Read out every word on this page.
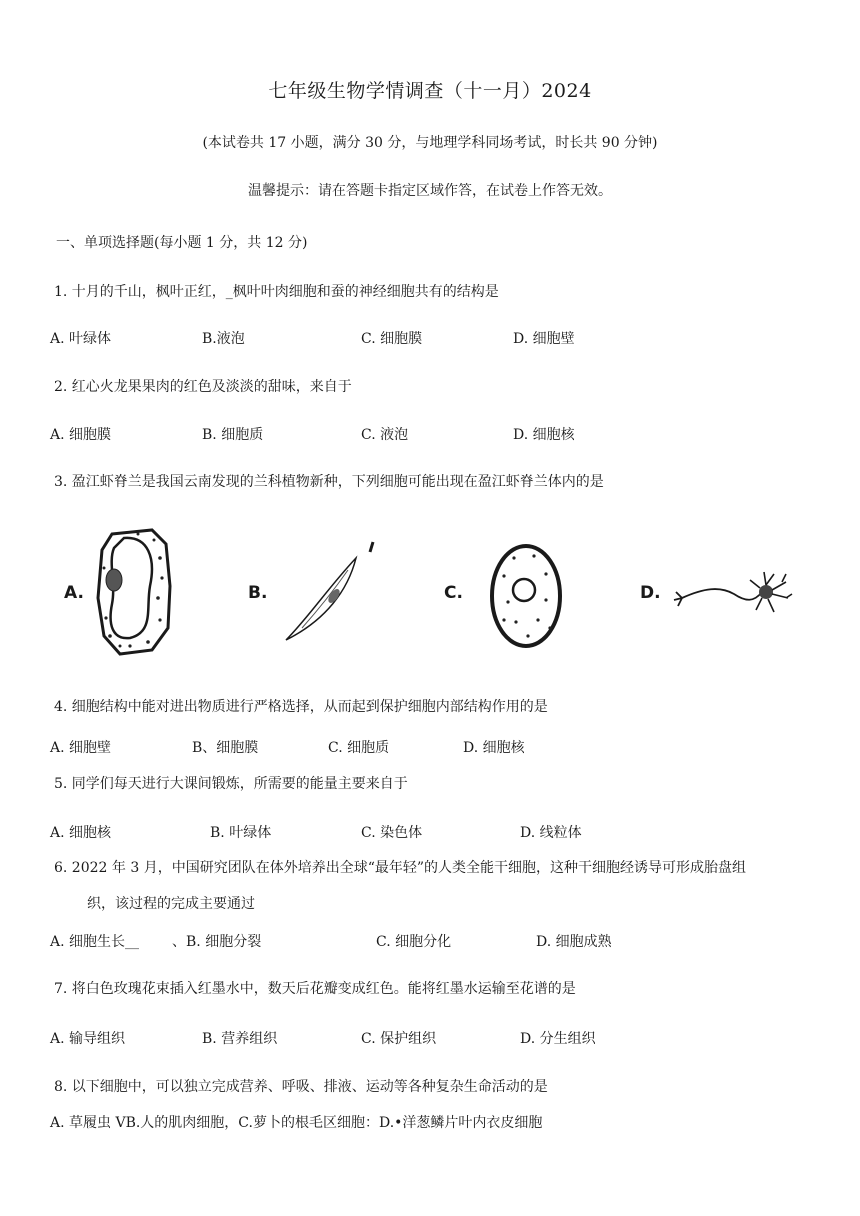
七年级生物学情调查（十一月）2024
(本试卷共 17 小题，满分 30 分，与地理学科同场考试，时长共 90 分钟)
温馨提示：请在答题卡指定区域作答，在试卷上作答无效。
一、单项选择题(每小题 1 分，共 12 分)
1. 十月的千山，枫叶正红，_枫叶叶肉细胞和蚕的神经细胞共有的结构是
A. 叶绿体	B.液泡	C. 细胞膜	D. 细胞壁
2. 红心火龙果果肉的红色及淡淡的甜味，来自于
A. 细胞膜	B. 细胞质	C. 液泡	D. 细胞核
3. 盈江虾脊兰是我国云南发现的兰科植物新种，下列细胞可能出现在盈江虾脊兰体内的是
A.	B.	C.	D.
4. 细胞结构中能对进出物质进行严格选择，从而起到保护细胞内部结构作用的是
A. 细胞壁	B、细胞膜	C. 细胞质	D. 细胞核
5. 同学们每天进行大课间锻炼，所需要的能量主要来自于
A. 细胞核	B. 叶绿体	C. 染色体	D. 线粒体
6. 2022 年 3 月，中国研究团队在体外培养出全球“最年轻”的人类全能干细胞，这种干细胞经诱导可形成胎盘组
织，该过程的完成主要通过
A. 细胞生长__ 、B. 细胞分裂	C. 细胞分化	D. 细胞成熟
7. 将白色玫瑰花束插入红墨水中，数天后花瓣变成红色。能将红墨水运输至花谱的是
A. 输导组织	B. 营养组织	C. 保护组织	D. 分生组织
8. 以下细胞中，可以独立完成营养、呼吸、排液、运动等各种复杂生命活动的是
A. 草履虫 VB.人的肌肉细胞，C.萝卜的根毛区细胞：D.•洋葱鳞片叶内衣皮细胞
